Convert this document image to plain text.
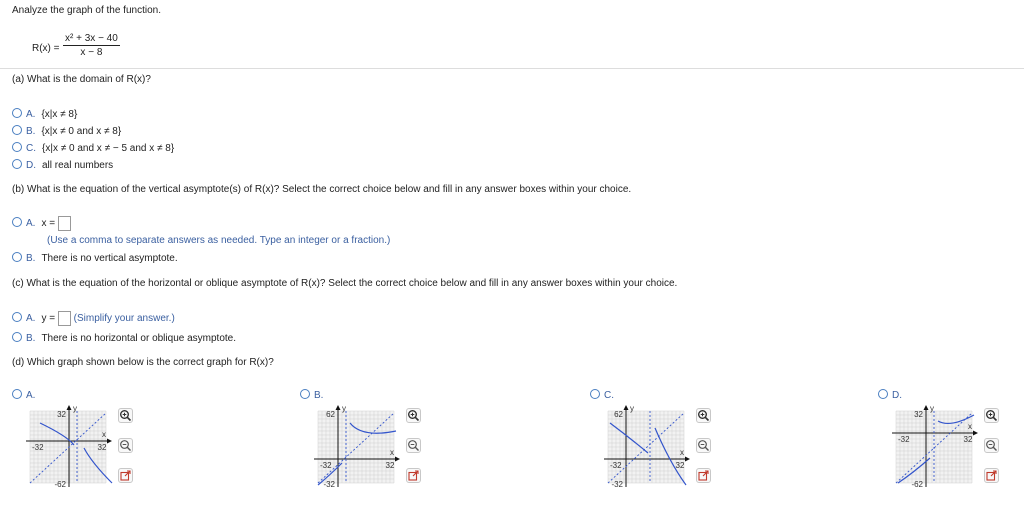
Analyze the graph of the function.
$R(x) = \frac{\text{x² + 3x − 40}}{x - 8}$
(a) What is the domain of R(x)?
A. {x|x ≠ 8}
B. {x|x ≠ 0 and x ≠ 8}
C. {x|x ≠ 0 and x ≠ − 5 and x ≠ 8}
D. all real numbers
(b) What is the equation of the vertical asymptote(s) of R(x)? Select the correct choice below and fill in any answer boxes within your choice.
A. x =
(Use a comma to separate answers as needed. Type an integer or a fraction.)
B. There is no vertical asymptote.
(c) What is the equation of the horizontal or oblique asymptote of R(x)? Select the correct choice below and fill in any answer boxes within your choice.
A. y = (Simplify your answer.)
B. There is no horizontal or oblique asymptote.
(d) Which graph shown below is the correct graph for R(x)?
A.	B.	C.	D.
32
-62
-32	32
y
x
62
-32
-32	32
y
x
62
-32
-32	32
y
x
32
-62
-32	32
y
x
